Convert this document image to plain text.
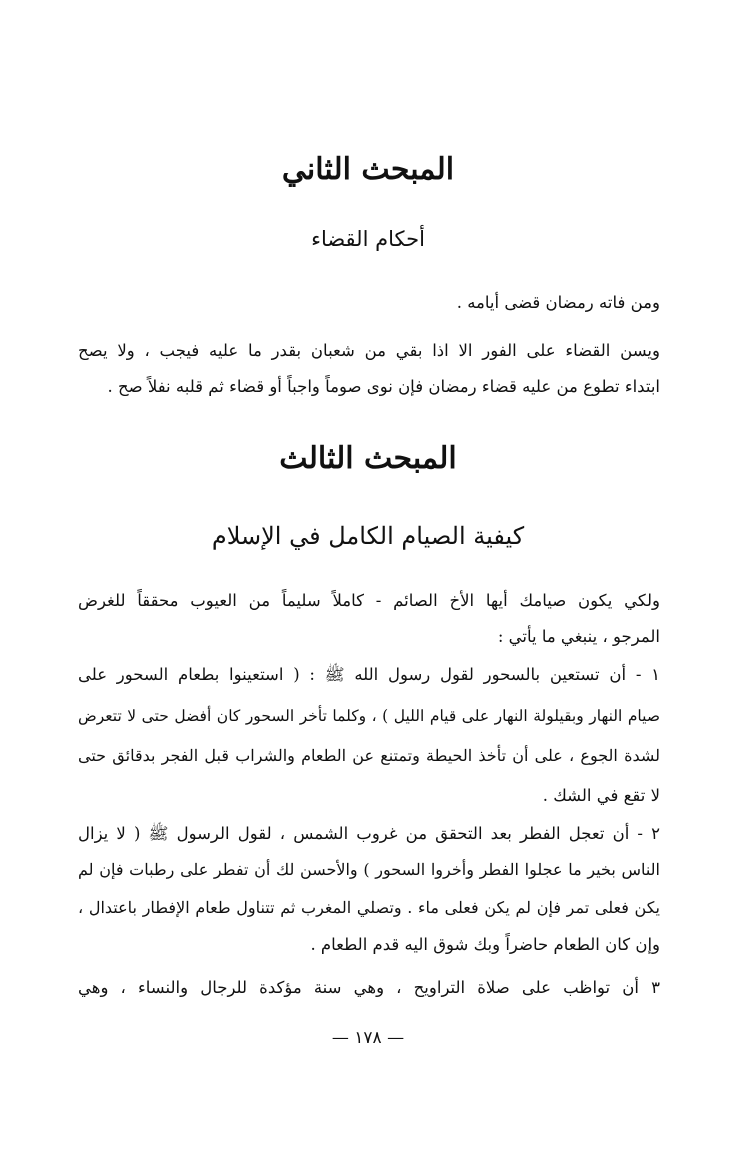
المبحث الثاني
أحكام القضاء
ومن فاته رمضان قضى أيامه .
ويسن القضاء على الفور الا اذا بقي من شعبان بقدر ما عليه فيجب ، ولا يصح
ابتداء تطوع من عليه قضاء رمضان فإن نوى صوماً واجباً أو قضاء ثم قلبه نفلاً صح .
المبحث الثالث
كيفية الصيام الكامل في الإسلام
ولكي يكون صيامك أيها الأخ الصائم - كاملاً سليماً من العيوب محققاً للغرض
المرجو ، ينبغي ما يأتي :
١ - أن تستعين بالسحور لقول رسول الله ﷺ : ( استعينوا بطعام السحور على
صيام النهار وبقيلولة النهار على قيام الليل ) ، وكلما تأخر السحور كان أفضل حتى لا تتعرض
لشدة الجوع ، على أن تأخذ الحيطة وتمتنع عن الطعام والشراب قبل الفجر بدقائق حتى
لا تقع في الشك .
٢ - أن تعجل الفطر بعد التحقق من غروب الشمس ، لقول الرسول ﷺ ( لا يزال
الناس بخير ما عجلوا الفطر وأخروا السحور ) والأحسن لك أن تفطر على رطبات فإن لم
يكن فعلى تمر فإن لم يكن فعلى ماء . وتصلي المغرب ثم تتناول طعام الإفطار باعتدال ،
وإن كان الطعام حاضراً وبك شوق اليه قدم الطعام .
٣ أن تواظب على صلاة التراويح ، وهي سنة مؤكدة للرجال والنساء ، وهي
— ١٧٨ —
